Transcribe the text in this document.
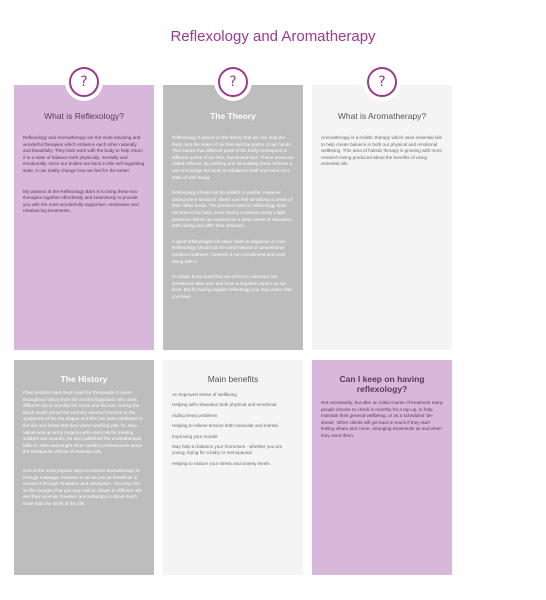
Reflexology and Aromatherapy
What is Reflexology?

Reflexology and Aromatherapy are the most amazing and wonderful therapies which enhance each other naturally and beautifully. They both work with the body to help return it to a state of balance both physically, mentally and emotionally. Once our bodies are back in this self regulating state, it can totally change how we feel for the better.

My passion at the Reflexology Barn is to bring these two therapies together effortlessly and seamlessly to provide you with the most wonderfully supportive, restorative and rebalancing treatments.

The Theory

Reflexology is based on the theory that we can map the body onto the soles of our feet and the palms of our hands. This means that different parts of the body correspond to different points of our feet, hands and face. These areas are called reflexes. By working and stimulating these reflexes it can encourage the body to rebalance itself and return to a state of well-being.

Reflexology should not be ticklish or painful. However during some sessions clients can feel sensitivity in areas of their reflex areas. The pressure used in reflexology does not have to be hard, even having a session using a light pressure clients can experience a deep sense of relaxation both during and after their sessions.

A good reflexologist will never claim to diagnose or cure. Reflexology should not be used instead of conventional medical treatment, however it can compliment and work along side it.

In todays busy world that we all live in, stresses can sometimes take over and have a negative impact on our lives. But by having regular reflexology you may notice that you have

What is Aromatherapy?

Aromatherapy is a holistic therapy which uses essential oils to help create balance in both our physical and emotional wellbeing. This area of holistic therapy is growing with more research being produced about the benefits of using essential oils.

?	?	?
The History

Plant extracts have been used for thousands of years throughout history from the ancient Egyptians who used different oils to worship the moon and the sun. During the Black Death period the Herbery seemed immune to the symptoms of the the plague and this has been attributed to the oils and herbs that they where working with. Dr Jean Valnet was an army surgeon who used oils for treating soldiers war wounds, he also published the aromatherapie bible in 1964 and taught other medical professionals about the therapeutic effects of essential oils.

One of the most popular ways to receive aromatherapy is through massage, however it can be just as beneficial to receive it through inhalation and absorption. You may find as life changes that you may well be drawn to different oils and their aromas, however aromatherapy is about much more than the smell of the oils.

Main benefits
An improved sense of wellbeing
Helping with relaxation both physical and emotional
Aiding sleep problems
Helping to relieve tension both muscular and mental
Improving your moods
May help to balance your hormones - whether you are young, trying for a baby or menopausal
Helping to reduce your stress and anxiety levels
Can I keep on having reflexology?

Not necessarily, but after an initial course of treatment many people choose to check in monthly for a top-up, to help maintain their general wellbeing, or as a scheduled 'de-stress'. Other clients will get back in touch if they start feeling wham and come, arranging treatments as and when they need them.
